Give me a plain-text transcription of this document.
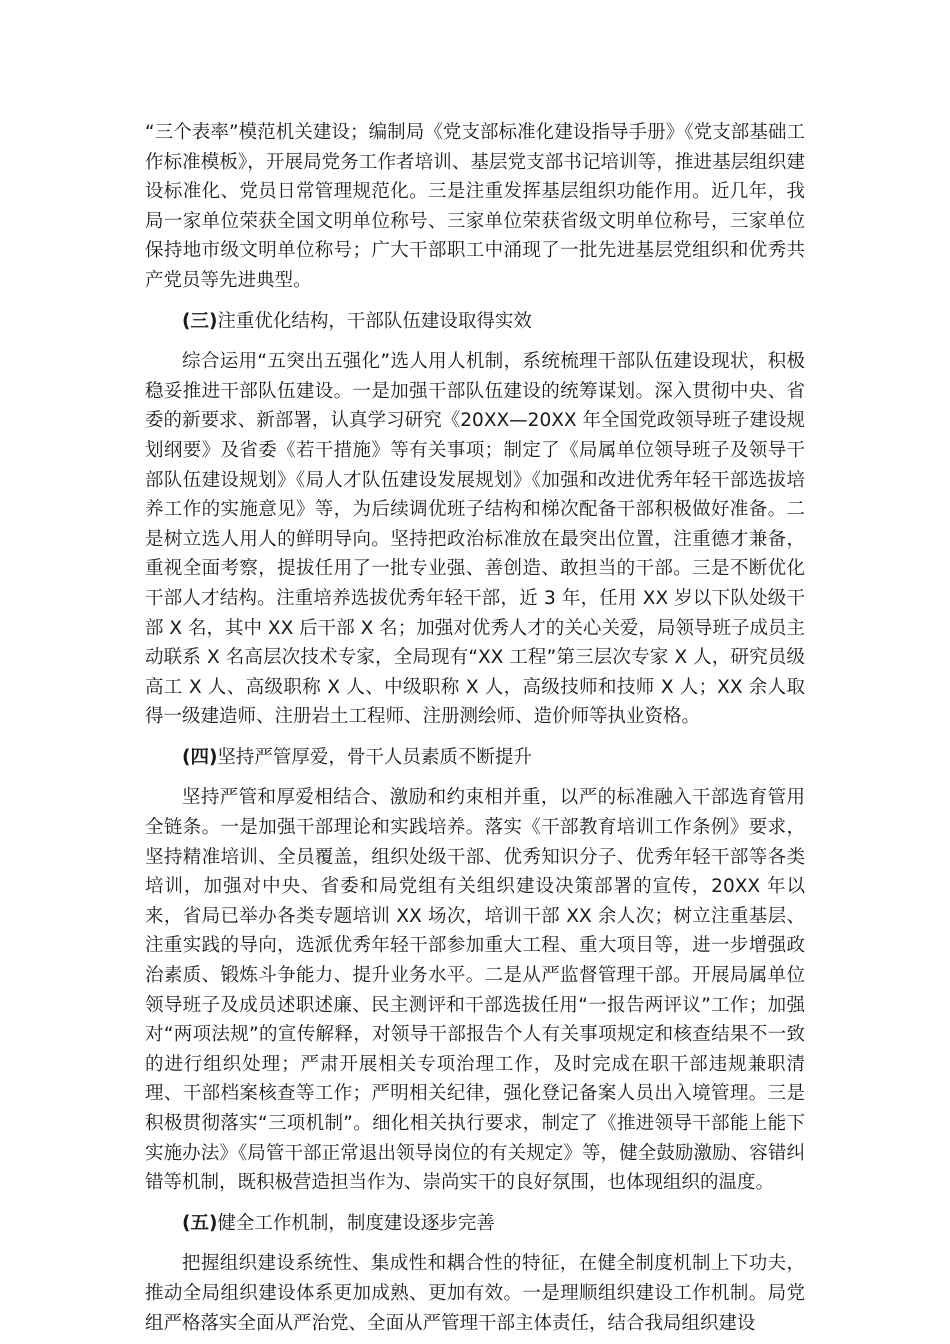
“三个表率”模范机关建设；编制局《党支部标准化建设指导手册》《党支部基础工作标准模板》，开展局党务工作者培训、基层党支部书记培训等，推进基层组织建设标准化、党员日常管理规范化。三是注重发挥基层组织功能作用。近几年，我局一家单位荣获全国文明单位称号、三家单位荣获省级文明单位称号，三家单位保持地市级文明单位称号；广大干部职工中涌现了一批先进基层党组织和优秀共产党员等先进典型。

(三)注重优化结构，干部队伍建设取得实效

综合运用“五突出五强化”选人用人机制，系统梳理干部队伍建设现状，积极稳妥推进干部队伍建设。一是加强干部队伍建设的统筹谋划。深入贯彻中央、省委的新要求、新部署，认真学习研究《20XX—20XX 年全国党政领导班子建设规划纲要》及省委《若干措施》等有关事项；制定了《局属单位领导班子及领导干部队伍建设规划》《局人才队伍建设发展规划》《加强和改进优秀年轻干部选拔培养工作的实施意见》等，为后续调优班子结构和梯次配备干部积极做好准备。二是树立选人用人的鲜明导向。坚持把政治标准放在最突出位置，注重德才兼备，重视全面考察，提拔任用了一批专业强、善创造、敢担当的干部。三是不断优化干部人才结构。注重培养选拔优秀年轻干部，近 3 年，任用 XX 岁以下队处级干部 X 名，其中 XX 后干部 X 名；加强对优秀人才的关心关爱，局领导班子成员主动联系 X 名高层次技术专家，全局现有“XX 工程”第三层次专家 X 人，研究员级高工 X 人、高级职称 X 人、中级职称 X 人，高级技师和技师 X 人；XX 余人取得一级建造师、注册岩土工程师、注册测绘师、造价师等执业资格。

(四)坚持严管厚爱，骨干人员素质不断提升

坚持严管和厚爱相结合、激励和约束相并重，以严的标准融入干部选育管用全链条。一是加强干部理论和实践培养。落实《干部教育培训工作条例》要求，坚持精准培训、全员覆盖，组织处级干部、优秀知识分子、优秀年轻干部等各类培训，加强对中央、省委和局党组有关组织建设决策部署的宣传，20XX 年以来，省局已举办各类专题培训 XX 场次，培训干部 XX 余人次；树立注重基层、注重实践的导向，选派优秀年轻干部参加重大工程、重大项目等，进一步增强政治素质、锻炼斗争能力、提升业务水平。二是从严监督管理干部。开展局属单位领导班子及成员述职述廉、民主测评和干部选拔任用“一报告两评议”工作；加强对“两项法规”的宣传解释，对领导干部报告个人有关事项规定和核查结果不一致的进行组织处理；严肃开展相关专项治理工作，及时完成在职干部违规兼职清理、干部档案核查等工作；严明相关纪律，强化登记备案人员出入境管理。三是积极贯彻落实“三项机制”。细化相关执行要求，制定了《推进领导干部能上能下实施办法》《局管干部正常退出领导岗位的有关规定》等，健全鼓励激励、容错纠错等机制，既积极营造担当作为、崇尚实干的良好氛围，也体现组织的温度。

(五)健全工作机制，制度建设逐步完善

把握组织建设系统性、集成性和耦合性的特征，在健全制度机制上下功夫，推动全局组织建设体系更加成熟、更加有效。一是理顺组织建设工作机制。局党组严格落实全面从严治党、全面从严管理干部主体责任，结合我局组织建设
